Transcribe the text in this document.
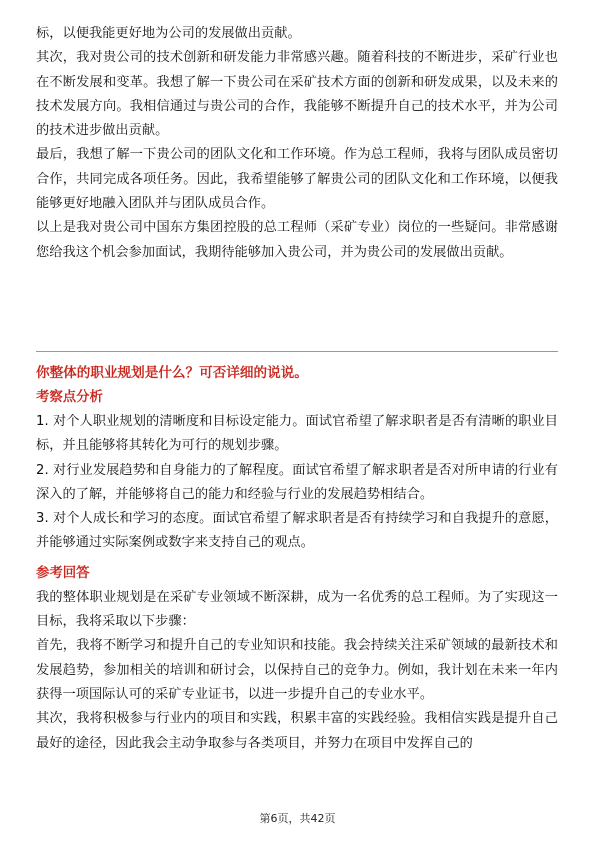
标，以便我能更好地为公司的发展做出贡献。

其次，我对贵公司的技术创新和研发能力非常感兴趣。随着科技的不断进步，采矿行业也在不断发展和变革。我想了解一下贵公司在采矿技术方面的创新和研发成果，以及未来的技术发展方向。我相信通过与贵公司的合作，我能够不断提升自己的技术水平，并为公司的技术进步做出贡献。

最后，我想了解一下贵公司的团队文化和工作环境。作为总工程师，我将与团队成员密切合作，共同完成各项任务。因此，我希望能够了解贵公司的团队文化和工作环境，以便我能够更好地融入团队并与团队成员合作。

以上是我对贵公司中国东方集团控股的总工程师（采矿专业）岗位的一些疑问。非常感谢您给我这个机会参加面试，我期待能够加入贵公司，并为贵公司的发展做出贡献。

你整体的职业规划是什么？可否详细的说说。

考察点分析

1. 对个人职业规划的清晰度和目标设定能力。面试官希望了解求职者是否有清晰的职业目标，并且能够将其转化为可行的规划步骤。

2. 对行业发展趋势和自身能力的了解程度。面试官希望了解求职者是否对所申请的行业有深入的了解，并能够将自己的能力和经验与行业的发展趋势相结合。

3. 对个人成长和学习的态度。面试官希望了解求职者是否有持续学习和自我提升的意愿，并能够通过实际案例或数字来支持自己的观点。

参考回答

我的整体职业规划是在采矿专业领域不断深耕，成为一名优秀的总工程师。为了实现这一目标，我将采取以下步骤：

首先，我将不断学习和提升自己的专业知识和技能。我会持续关注采矿领域的最新技术和发展趋势，参加相关的培训和研讨会，以保持自己的竞争力。例如，我计划在未来一年内获得一项国际认可的采矿专业证书，以进一步提升自己的专业水平。

其次，我将积极参与行业内的项目和实践，积累丰富的实践经验。我相信实践是提升自己最好的途径，因此我会主动争取参与各类项目，并努力在项目中发挥自己的

第6页，共42页
